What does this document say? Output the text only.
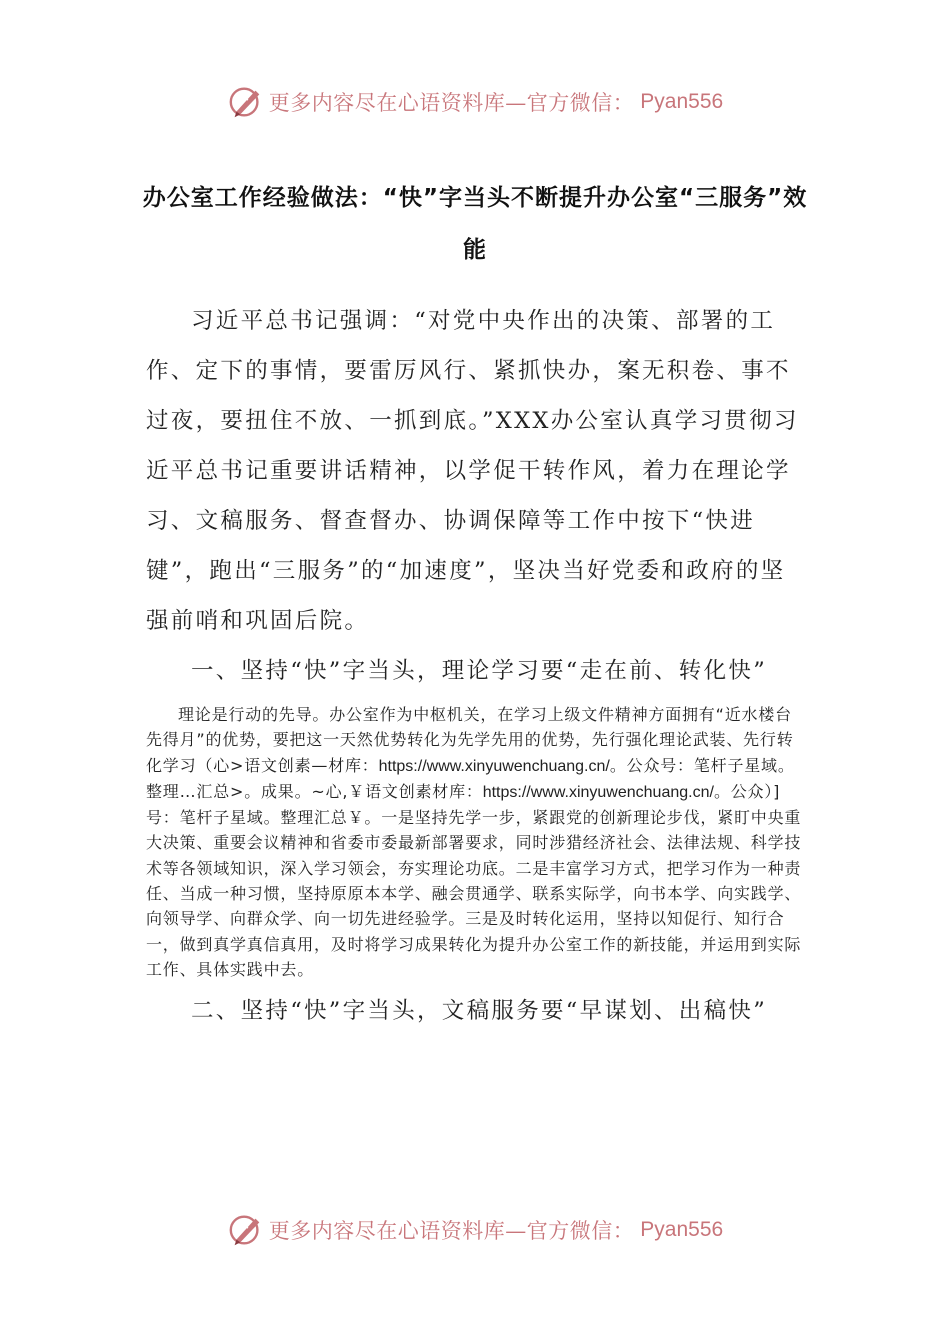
更多内容尽在心语资料库—官方微信： Pyan556
办公室工作经验做法：“快”字当头不断提升办公室“三服务”效能

习近平总书记强调：“对党中央作出的决策、部署的工作、定下的事情，要雷厉风行、紧抓快办，案无积卷、事不过夜，要扭住不放、一抓到底。”XXX办公室认真学习贯彻习近平总书记重要讲话精神，以学促干转作风，着力在理论学习、文稿服务、督查督办、协调保障等工作中按下“快进键”，跑出“三服务”的“加速度”，坚决当好党委和政府的坚强前哨和巩固后院。

一、坚持“快”字当头，理论学习要“走在前、转化快”

理论是行动的先导。办公室作为中枢机关，在学习上级文件精神方面拥有“近水楼台先得月”的优势，要把这一天然优势转化为先学先用的优势，先行强化理论武装、先行转化学习（心>语文创素—材库：https://www.xinyuwenchuang.cn/。公众号：笔杆子星域。整理…汇总>。成果。~心,￥语文创素材库：https://www.xinyuwenchuang.cn/。公众）]号：笔杆子星域。整理汇总￥。一是坚持先学一步，紧跟党的创新理论步伐，紧盯中央重大决策、重要会议精神和省委市委最新部署要求，同时涉猎经济社会、法律法规、科学技术等各领域知识，深入学习领会，夯实理论功底。二是丰富学习方式，把学习作为一种责任、当成一种习惯，坚持原原本本学、融会贯通学、联系实际学，向书本学、向实践学、向领导学、向群众学、向一切先进经验学。三是及时转化运用，坚持以知促行、知行合一，做到真学真信真用，及时将学习成果转化为提升办公室工作的新技能，并运用到实际工作、具体实践中去。

二、坚持“快”字当头，文稿服务要“早谋划、出稿快”

更多内容尽在心语资料库—官方微信： Pyan556
